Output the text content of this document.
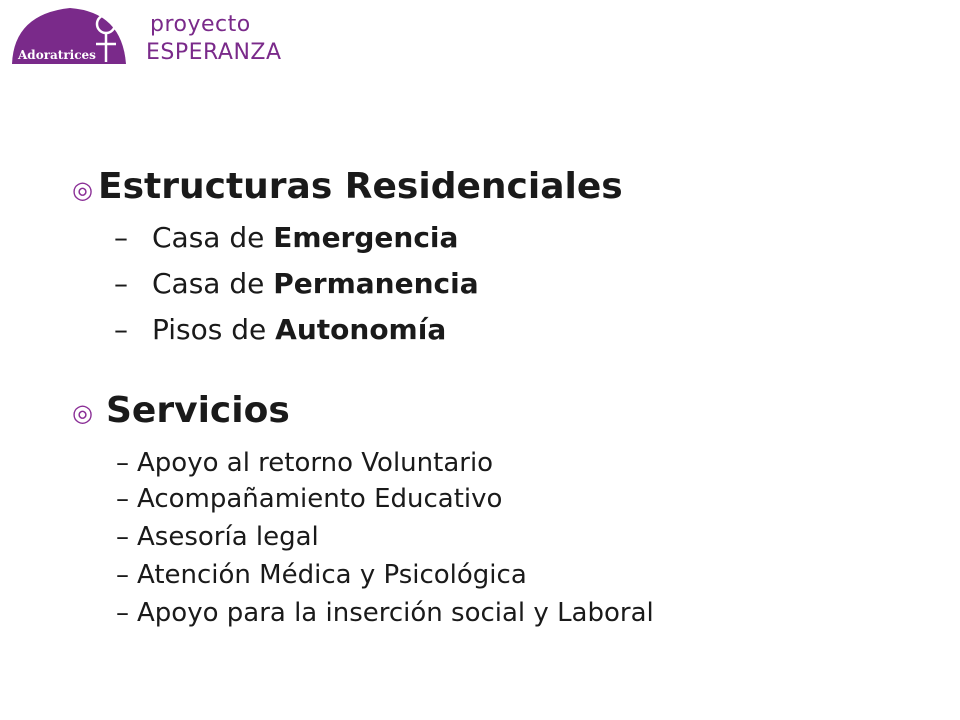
Adoratrices
proyecto
ESPERANZA
◎ Estructuras Residenciales
– Casa de Emergencia
– Casa de Permanencia
– Pisos de Autonomía
◎ Servicios
– Apoyo al retorno Voluntario
– Acompañamiento Educativo
– Asesoría legal
– Atención Médica y Psicológica
– Apoyo para la inserción social y Laboral
